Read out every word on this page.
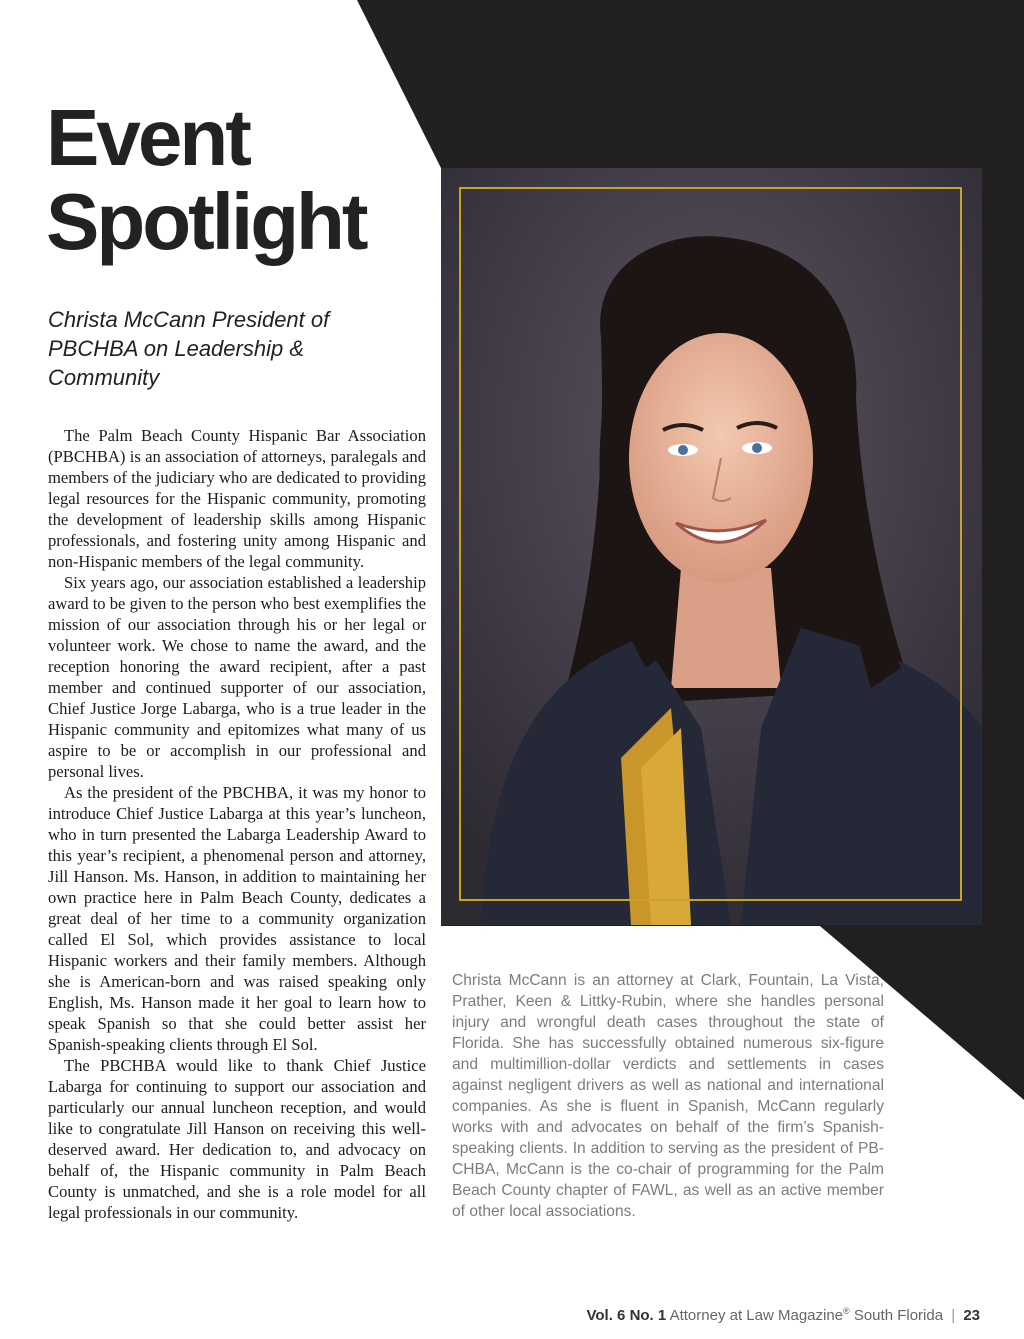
Event
Spotlight
Christa McCann President of PBCHBA on Leadership & Community

The Palm Beach County Hispanic Bar Association (PBCHBA) is an association of attorneys, paralegals and members of the judiciary who are dedicated to providing legal resources for the Hispanic community, promoting the development of leadership skills among Hispanic professionals, and fostering unity among Hispanic and non-Hispanic members of the legal community.

Six years ago, our association established a leadership award to be given to the person who best exemplifies the mission of our association through his or her legal or volunteer work. We chose to name the award, and the reception honoring the award recipient, after a past member and continued supporter of our association, Chief Justice Jorge Labarga, who is a true leader in the Hispanic community and epitomizes what many of us aspire to be or accomplish in our professional and personal lives.

As the president of the PBCHBA, it was my honor to introduce Chief Justice Labarga at this year’s luncheon, who in turn presented the Labarga Leadership Award to this year’s recipient, a phenomenal person and attorney, Jill Hanson. Ms. Hanson, in addition to maintaining her own practice here in Palm Beach County, dedicates a great deal of her time to a community organization called El Sol, which provides assistance to local Hispanic workers and their family members. Although she is American-born and was raised speaking only English, Ms. Hanson made it her goal to learn how to speak Spanish so that she could better assist her Spanish-speaking clients through El Sol.

The PBCHBA would like to thank Chief Justice Labarga for continuing to support our association and particularly our annual luncheon reception, and would like to congratulate Jill Hanson on receiving this well-deserved award. Her dedication to, and advocacy on behalf of, the Hispanic community in Palm Beach County is unmatched, and she is a role model for all legal professionals in our community.

Christa McCann is an attorney at Clark, Fountain, La Vista, Prather, Keen & Littky-Rubin, where she handles personal injury and wrongful death cases throughout the state of Florida. She has successfully obtained numerous six-figure and multimillion-dollar verdicts and settlements in cases against negligent drivers as well as national and international companies. As she is fluent in Spanish, McCann regularly works with and advocates on behalf of the firm’s Spanish-speaking clients. In addition to serving as the president of PBCHBA, McCann is the co-chair of programming for the Palm Beach County chapter of FAWL, as well as an active member of other local associations.
Vol. 6 No. 1 Attorney at Law Magazine® South Florida | 23
